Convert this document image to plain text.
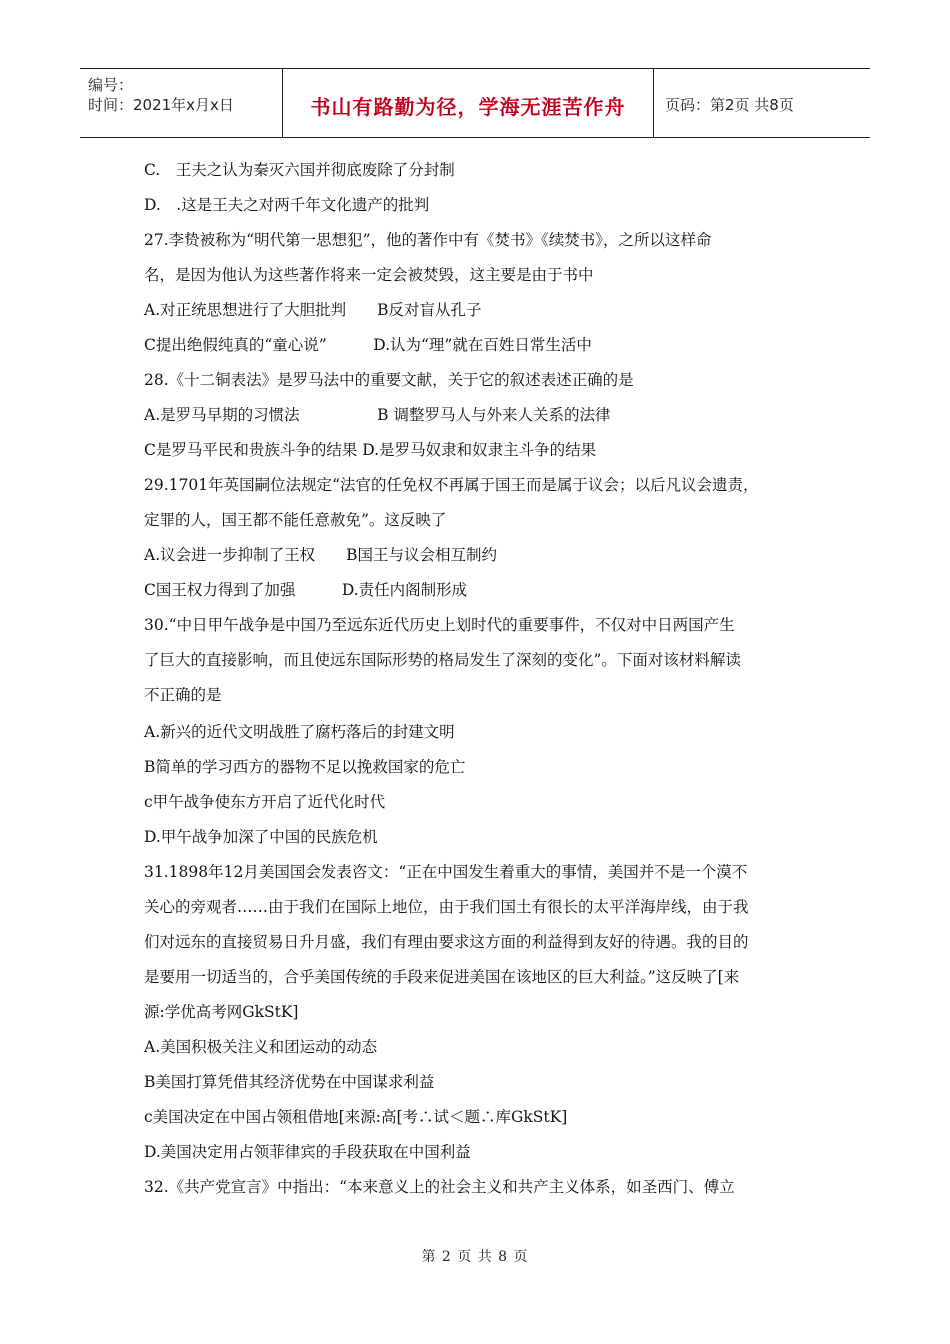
编号：
时间：2021年x月x日	书山有路勤为径，学海无涯苦作舟	页码：第2页 共8页
C.　王夫之认为秦灭六国并彻底废除了分封制
D.　.这是王夫之对两千年文化遗产的批判
27.李贽被称为“明代第一思想犯”，他的著作中有《焚书》《续焚书》，之所以这样命
名，是因为他认为这些著作将来一定会被焚毁，这主要是由于书中
A.对正统思想进行了大胆批判　　B反对盲从孔子
C提出绝假纯真的“童心说”　　　D.认为“理”就在百姓日常生活中
28.《十二铜表法》是罗马法中的重要文献，关于它的叙述表述正确的是
A.是罗马早期的习惯法　　　　　B 调整罗马人与外来人关系的法律
C是罗马平民和贵族斗争的结果 D.是罗马奴隶和奴隶主斗争的结果
29.1701年英国嗣位法规定“法官的任免权不再属于国王而是属于议会；以后凡议会遗责，
定罪的人，国王都不能任意赦免”。这反映了
A.议会进一步抑制了王权　　B国王与议会相互制约
C国王权力得到了加强　　　D.责任内阁制形成
30.“中日甲午战争是中国乃至远东近代历史上划时代的重要事件，不仅对中日两国产生
了巨大的直接影响，而且使远东国际形势的格局发生了深刻的变化”。下面对该材料解读
不正确的是
A.新兴的近代文明战胜了腐朽落后的封建文明
B简单的学习西方的器物不足以挽救国家的危亡
c甲午战争使东方开启了近代化时代
D.甲午战争加深了中国的民族危机
31.1898年12月美国国会发表咨文：“正在中国发生着重大的事情，美国并不是一个漠不
关心的旁观者……由于我们在国际上地位，由于我们国土有很长的太平洋海岸线，由于我
们对远东的直接贸易日升月盛，我们有理由要求这方面的利益得到友好的待遇。我的目的
是要用一切适当的，合乎美国传统的手段来促进美国在该地区的巨大利益。”这反映了[来
源:学优高考网GkStK]
A.美国积极关注义和团运动的动态
B美国打算凭借其经济优势在中国谋求利益
c美国决定在中国占领租借地[来源:高[考∴试＜题∴库GkStK]
D.美国决定用占领菲律宾的手段获取在中国利益
32.《共产党宣言》中指出：“本来意义上的社会主义和共产主义体系，如圣西门、傅立
第 2 页 共 8 页
